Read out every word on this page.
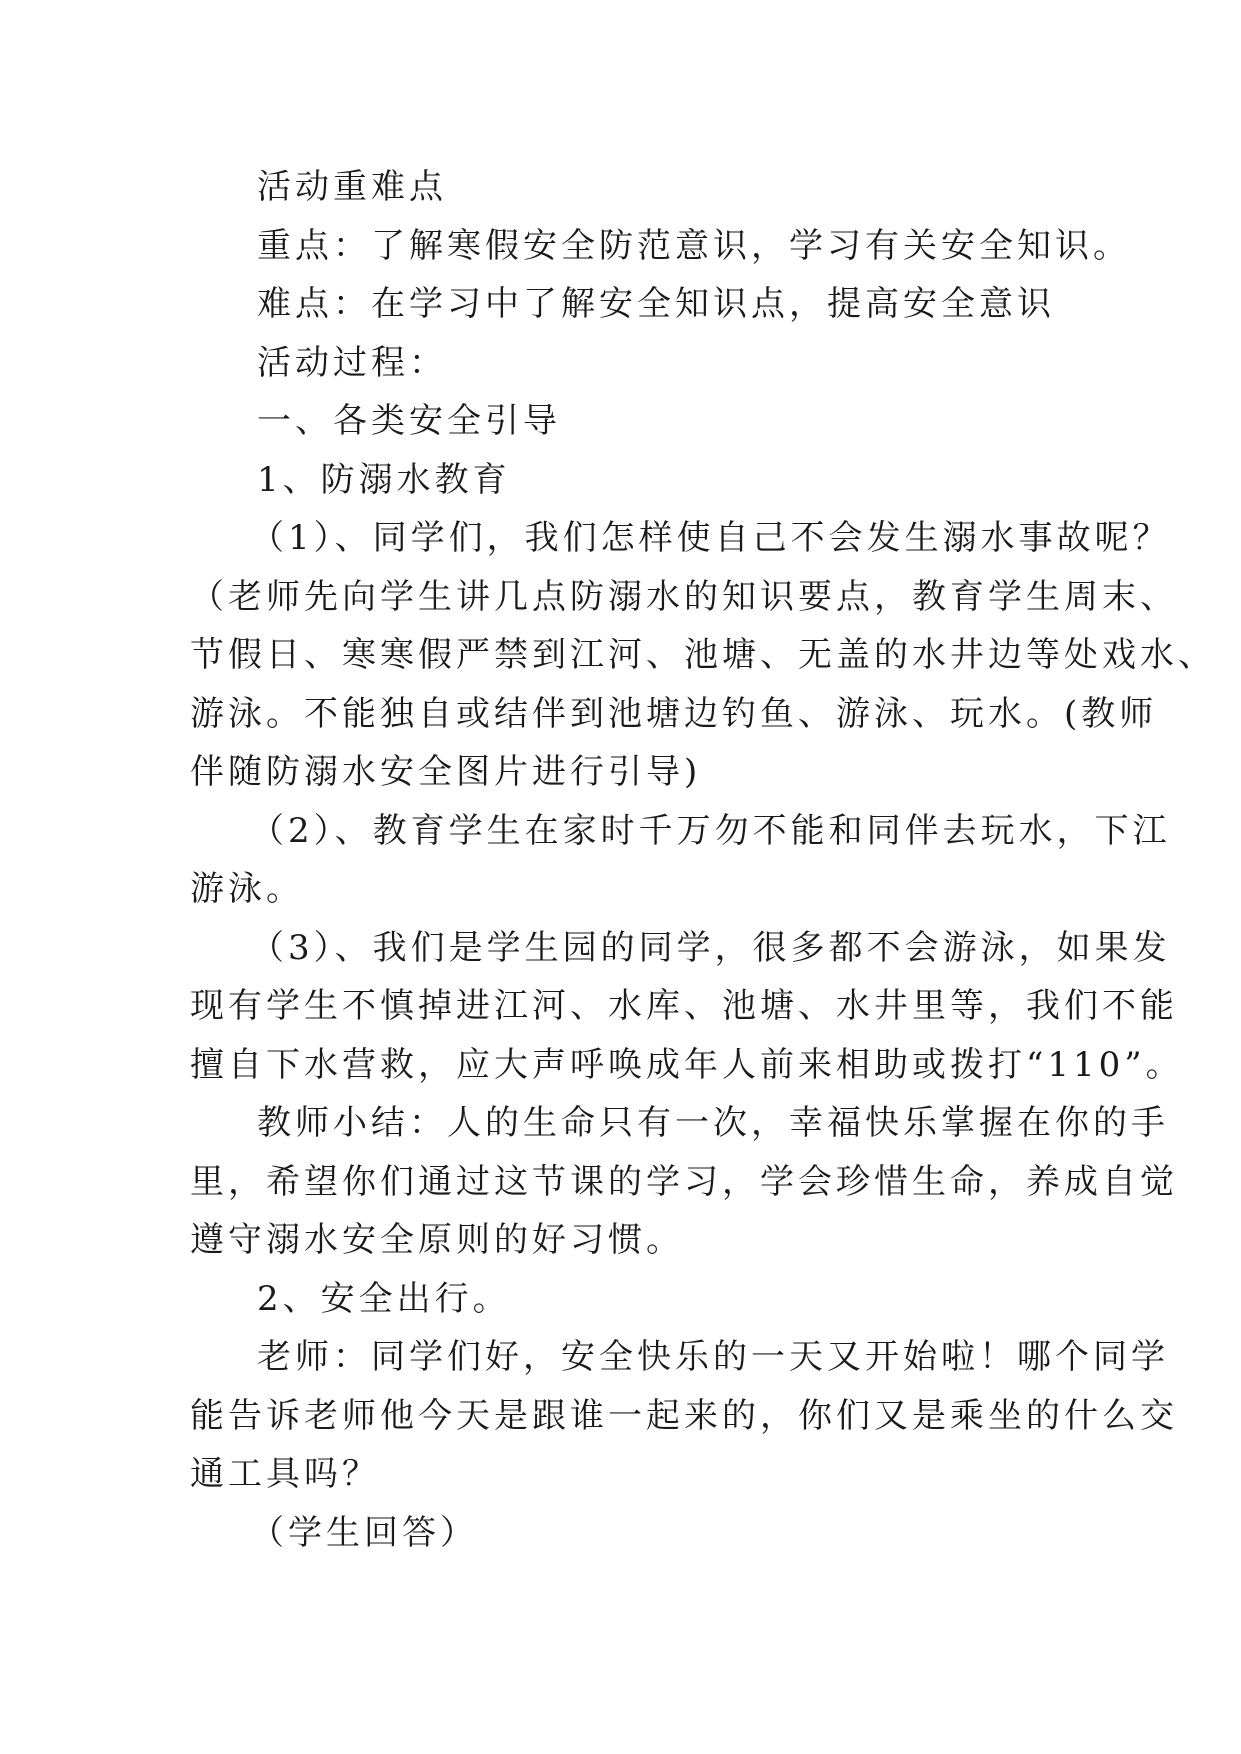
活动重难点
重点：了解寒假安全防范意识，学习有关安全知识。
难点：在学习中了解安全知识点，提高安全意识
活动过程：
一、各类安全引导
1、防溺水教育
（1）、同学们，我们怎样使自己不会发生溺水事故呢？
（老师先向学生讲几点防溺水的知识要点，教育学生周末、
节假日、寒寒假严禁到江河、池塘、无盖的水井边等处戏水、
游泳。不能独自或结伴到池塘边钓鱼、游泳、玩水。(教师
伴随防溺水安全图片进行引导)
（2）、教育学生在家时千万勿不能和同伴去玩水，下江
游泳。
（3）、我们是学生园的同学，很多都不会游泳，如果发
现有学生不慎掉进江河、水库、池塘、水井里等，我们不能
擅自下水营救，应大声呼唤成年人前来相助或拨打“110”。
教师小结：人的生命只有一次，幸福快乐掌握在你的手
里，希望你们通过这节课的学习，学会珍惜生命，养成自觉
遵守溺水安全原则的好习惯。
2、安全出行。
老师：同学们好，安全快乐的一天又开始啦！哪个同学
能告诉老师他今天是跟谁一起来的，你们又是乘坐的什么交
通工具吗？
（学生回答）
